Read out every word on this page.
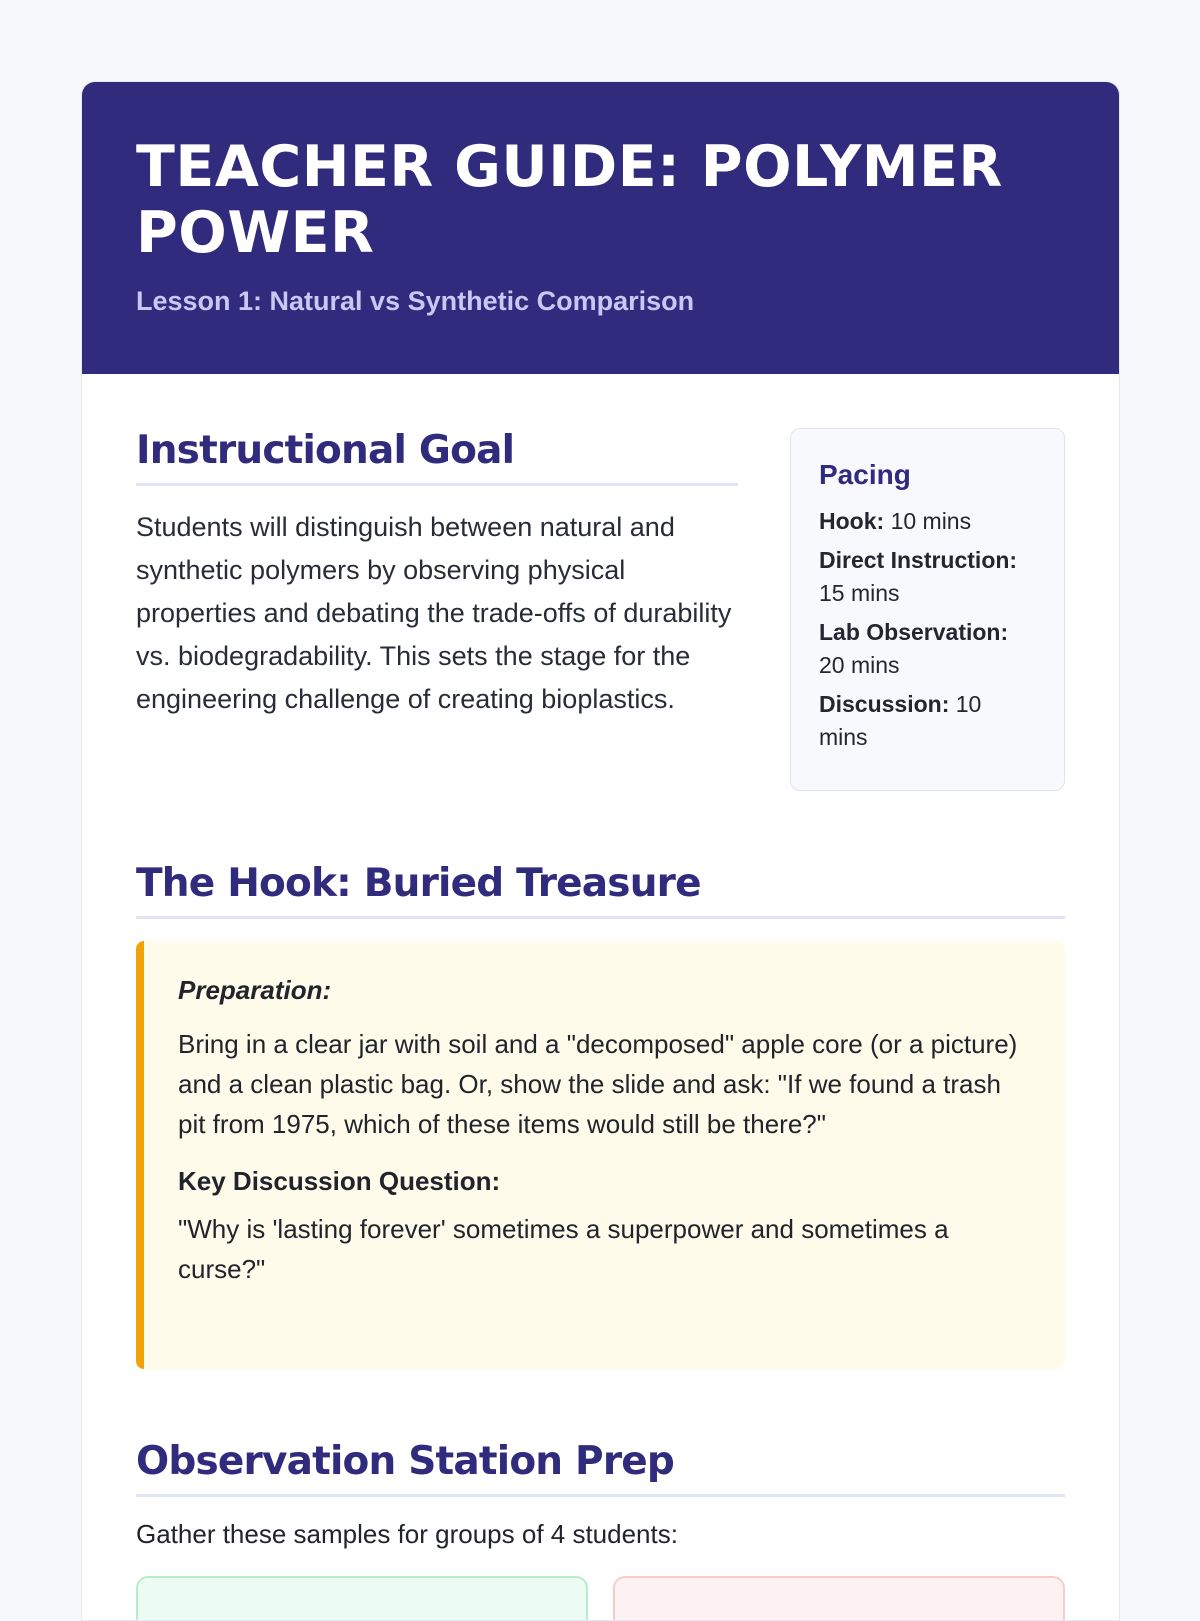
TEACHER GUIDE: POLYMER POWER
Lesson 1: Natural vs Synthetic Comparison
Instructional Goal

Students will distinguish between natural and synthetic polymers by observing physical properties and debating the trade-offs of durability vs. biodegradability. This sets the stage for the engineering challenge of creating bioplastics.

Pacing
Hook: 10 mins
Direct Instruction: 15 mins
Lab Observation: 20 mins
Discussion: 10 mins
The Hook: Buried Treasure
Preparation:

Bring in a clear jar with soil and a "decomposed" apple core (or a picture) and a clean plastic bag. Or, show the slide and ask: "If we found a trash pit from 1975, which of these items would still be there?"

Key Discussion Question:

"Why is 'lasting forever' sometimes a superpower and sometimes a curse?"

Observation Station Prep

Gather these samples for groups of 4 students:
